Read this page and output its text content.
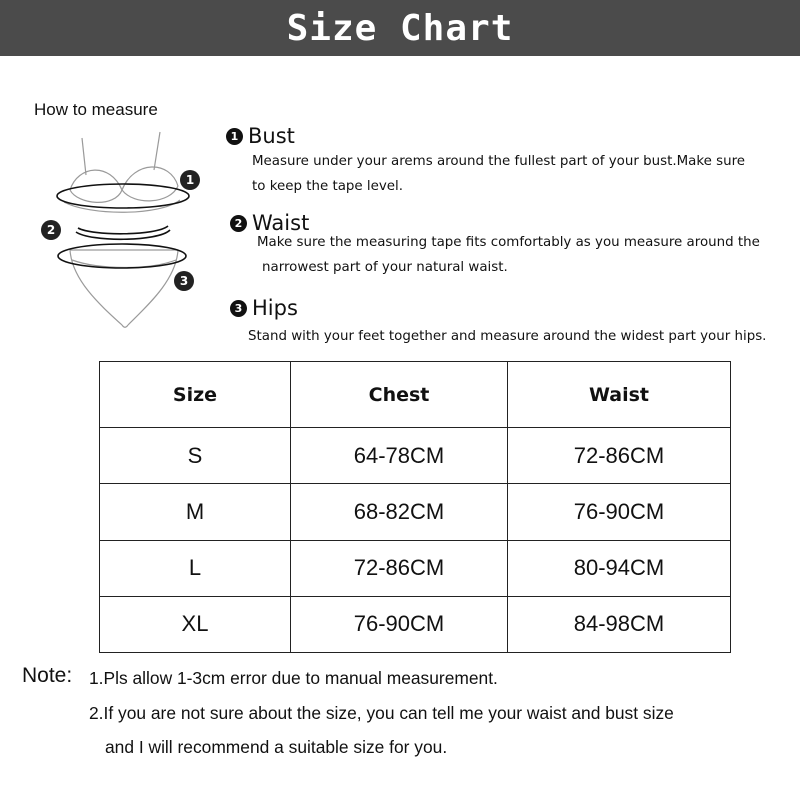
Size Chart
How to measure
1
2
3
1 Bust
Measure under your arems around the fullest part of your bust.Make sure
to keep the tape level.
2 Waist
Make sure the measuring tape fits comfortably as you measure around the
narrowest part of your natural waist.
3 Hips
Stand with your feet together and measure around the widest part your hips.
Size	Chest	Waist
S	64-78CM	72-86CM
M	68-82CM	76-90CM
L	72-86CM	80-94CM
XL	76-90CM	84-98CM
Note: 1.Pls allow 1-3cm error due to manual measurement.
2.If you are not sure about the size, you can tell me your waist and bust size
and I will recommend a suitable size for you.
